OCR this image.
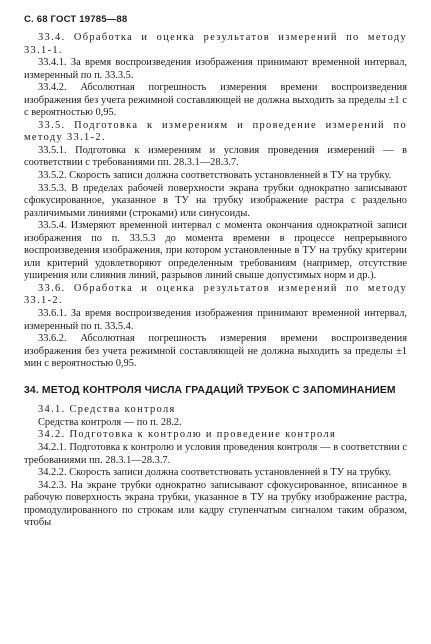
С. 68 ГОСТ 19785—88

33.4. Обработка и оценка результатов измерений по методу 33.1-1.

33.4.1. За время воспроизведения изображения принимают временной интервал, измеренный по п. 33.3.5.

33.4.2. Абсолютная погрешность измерения времени воспроизведения изображения без учета режимной составляющей не должна выходить за пределы ±1 с с вероятностью 0,95.

33.5. Подготовка к измерениям и проведение измерений по методу 33.1-2.

33.5.1. Подготовка к измерениям и условия проведения измерений — в соответствии с требованиями пп. 28.3.1—28.3.7.

33.5.2. Скорость записи должна соответствовать установленней в ТУ на трубку.

33.5.3. В пределах рабочей поверхности экрана трубки однократно записывают сфокусированное, указанное в ТУ на трубку изображение растра с раздельно различимыми линиями (строками) или синусоиды.

33.5.4. Измеряют временной интервал с момента окончания однократной записи изображения по п. 33.5.3 до момента времени в процессе непрерывного воспроизведения изображения, при котором установленные в ТУ на трубку критерии или критерий удовлетворяют определенным требованиям (например, отсутствие уширения или слияния линий, разрывов линий свыше допустимых норм и др.).

33.6. Обработка и оценка результатов измерений по методу 33.1-2.

33.6.1. За время воспроизведения изображения принимают временной интервал, измеренный по п. 33.5.4.

33.6.2. Абсолютная погрешность измерения времени воспроизведения изображения без учета режимной составляющей не должна выходить за пределы ±1 мин с вероятностью 0,95.

34. МЕТОД КОНТРОЛЯ ЧИСЛА ГРАДАЦИЙ ТРУБОК С ЗАПОМИНАНИЕМ

34.1. Средства контроля

Средства контроля — по п. 28.2.

34.2. Подготовка к контролю и проведение контроля

34.2.1. Подготовка к контролю и условия проведения контроля — в соответствии с требованиями пп. 28.3.1—28.3.7.

34.2.2. Скорость записи должна соответствовать установленней в ТУ на трубку.

34.2.3. На экране трубки однократно записывают сфокусированное, вписанное в рабочую поверхность экрана трубки, указанное в ТУ на трубку изображение растра, промодулированного по строкам или кадру ступенчатым сигналом таким образом, чтобы
